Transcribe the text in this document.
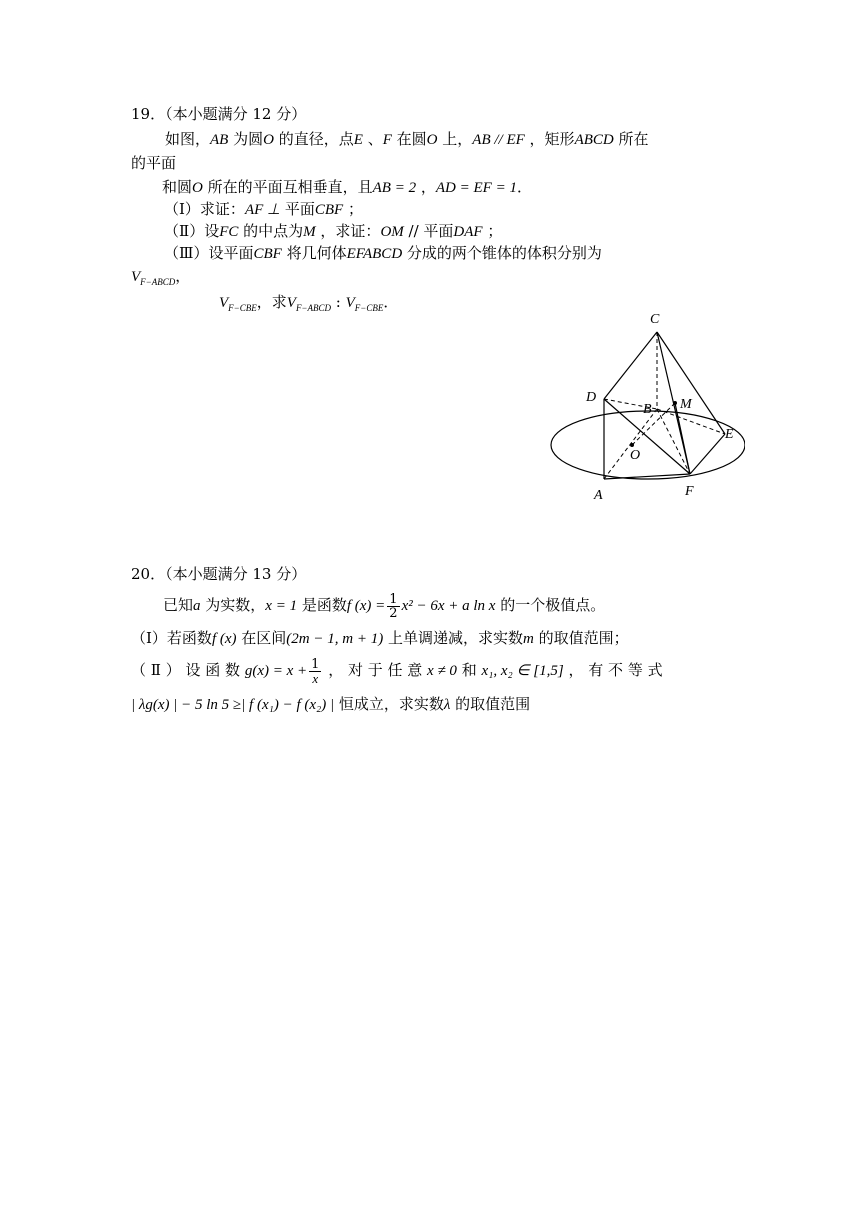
19．（本小题满分 12 分）
如图，AB 为圆O 的直径，点E 、F 在圆O 上，AB // EF ，矩形ABCD 所在
的平面
和圆O 所在的平面互相垂直，且AB = 2 ，AD = EF = 1．
（Ⅰ）求证：AF ⊥ 平面CBF ；
（Ⅱ）设FC 的中点为M ，求证：OM // 平面DAF ；
（Ⅲ）设平面CBF 将几何体EFABCD 分成的两个锥体的体积分别为
$V_{F-ABCD}$，
$V_{F-CBE}$，求$V_{F-ABCD}$ : $V_{F-CBE}$．
C
D
B M
E
O
A	F
20．（本小题满分 13 分）
已知a 为实数，x = 1 是函数f $(x) = \frac{1}{2} x^2 - 6x + a$ ln x 的一个极值点。
（Ⅰ）若函数f (x) 在区间(2m − 1, m + 1) 上单调递减，求实数m 的取值范围；
（ Ⅱ ） 设 函 数 $g(x) = x + \frac{1}{x}$ ， 对 于 任 意 x ≠ 0 和 x₁, x₂ ∈ [1,5] ， 有 不 等 式
| λg(x) | − 5 ln 5 ≥| f (x₁) − f (x₂) | 恒成立，求实数λ 的取值范围
